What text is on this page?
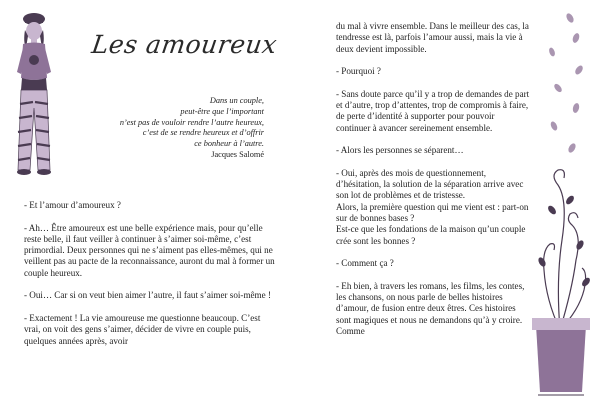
Les amoureux
Dans un couple,
peut-être que l’important
n’est pas de vouloir rendre l’autre heureux,
c’est de se rendre heureux et d’offrir
ce bonheur à l’autre.
Jacques Salomé

- Et l’amour d’amoureux ?

- Ah… Être amoureux est une belle expérience mais, pour qu’elle reste belle, il faut veiller à continuer à s’aimer soi-même, c’est primordial. Deux personnes qui ne s’aiment pas elles-mêmes, qui ne veillent pas au pacte de la reconnaissance, auront du mal à former un couple heureux.

- Oui… Car si on veut bien aimer l’autre, il faut s’aimer soi-même !

- Exactement ! La vie amoureuse me questionne beaucoup. C’est vrai, on voit des gens s’aimer, décider de vivre en couple puis, quelques années après, avoir

du mal à vivre ensemble. Dans le meilleur des cas, la tendresse est là, parfois l’amour aussi, mais la vie à deux devient impossible.

- Pourquoi ?

- Sans doute parce qu’il y a trop de demandes de part et d’autre, trop d’attentes, trop de compromis à faire, de perte d’identité à supporter pour pouvoir continuer à avancer sereinement ensemble.

- Alors les personnes se séparent…

- Oui, après des mois de questionnement, d’hésitation, la solution de la séparation arrive avec son lot de problèmes et de tristesse.
Alors, la première question qui me vient est : part-on sur de bonnes bases ?
Est-ce que les fondations de la maison qu’un couple crée sont les bonnes ?

- Comment ça ?

- Eh bien, à travers les romans, les films, les contes, les chansons, on nous parle de belles histoires d’amour, de fusion entre deux êtres. Ces histoires sont magiques et nous ne demandons qu’à y croire. Comme
